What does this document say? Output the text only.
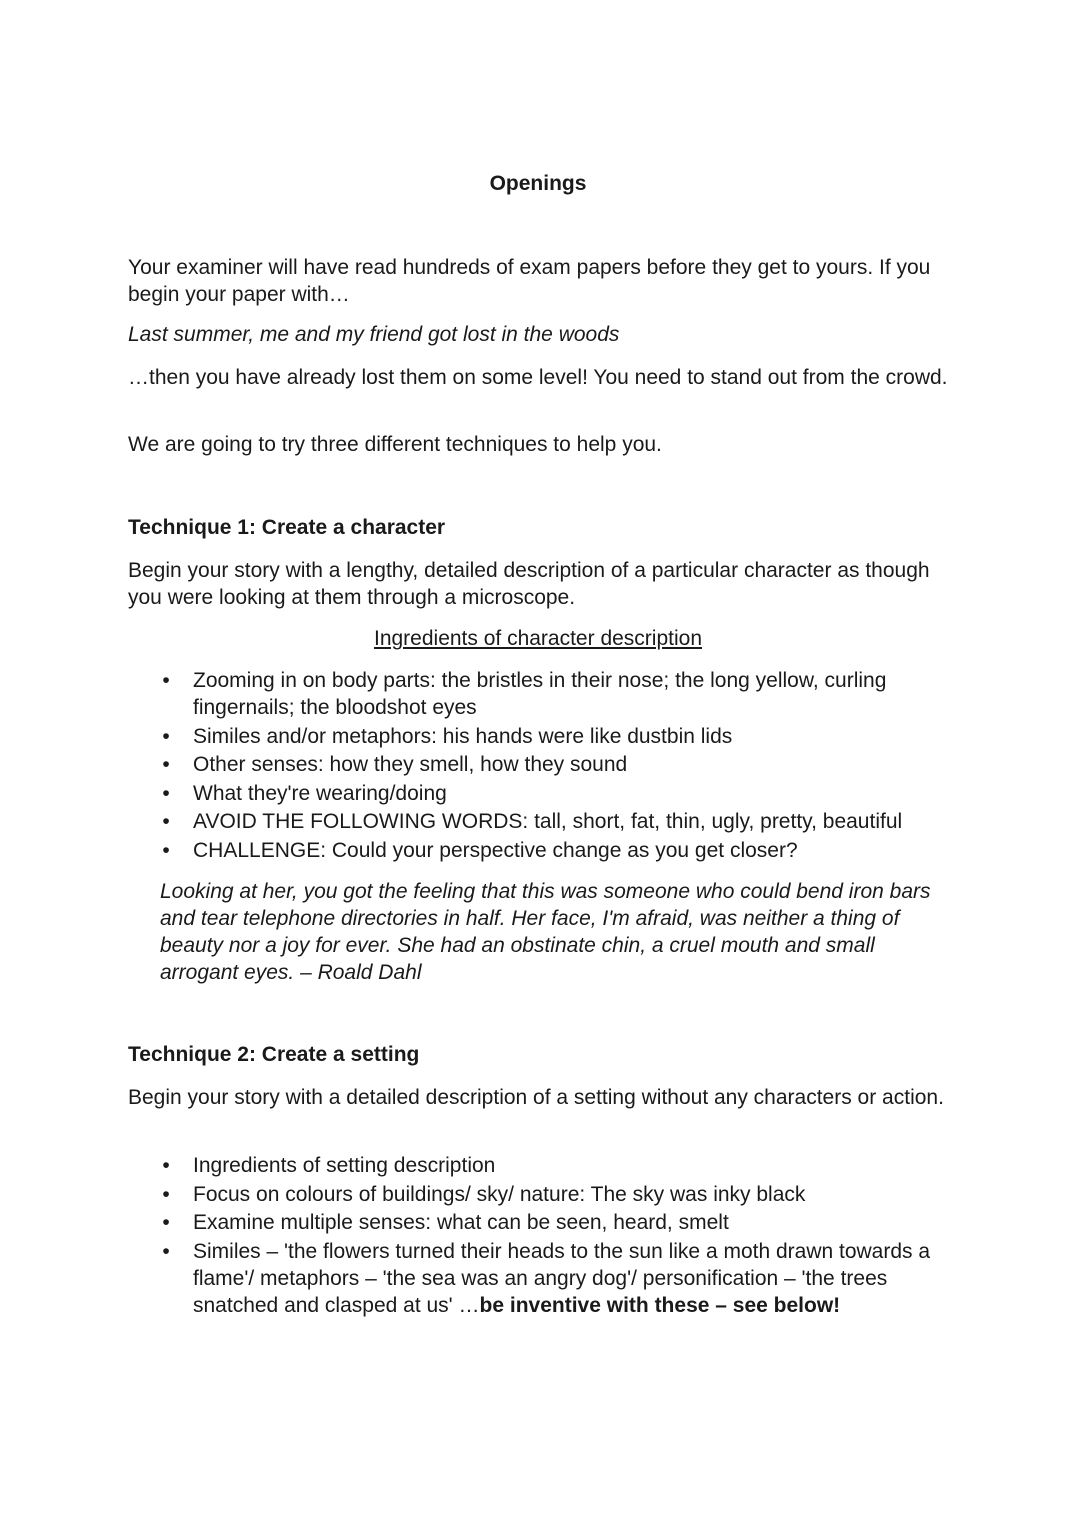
Openings

Your examiner will have read hundreds of exam papers before they get to yours. If you begin your paper with…

Last summer, me and my friend got lost in the woods

…then you have already lost them on some level! You need to stand out from the crowd.

We are going to try three different techniques to help you.

Technique 1: Create a character

Begin your story with a lengthy, detailed description of a particular character as though you were looking at them through a microscope.

Ingredients of character description

• Zooming in on body parts: the bristles in their nose; the long yellow, curling fingernails; the bloodshot eyes
• Similes and/or metaphors: his hands were like dustbin lids
• Other senses: how they smell, how they sound
• What they're wearing/doing
• AVOID THE FOLLOWING WORDS: tall, short, fat, thin, ugly, pretty, beautiful
• CHALLENGE: Could your perspective change as you get closer?

Looking at her, you got the feeling that this was someone who could bend iron bars and tear telephone directories in half. Her face, I'm afraid, was neither a thing of beauty nor a joy for ever. She had an obstinate chin, a cruel mouth and small arrogant eyes. – Roald Dahl

Technique 2: Create a setting

Begin your story with a detailed description of a setting without any characters or action.

• Ingredients of setting description
• Focus on colours of buildings/ sky/ nature: The sky was inky black
• Examine multiple senses: what can be seen, heard, smelt
• Similes – 'the flowers turned their heads to the sun like a moth drawn towards a flame'/ metaphors – 'the sea was an angry dog'/ personification – 'the trees snatched and clasped at us' …be inventive with these – see below!
